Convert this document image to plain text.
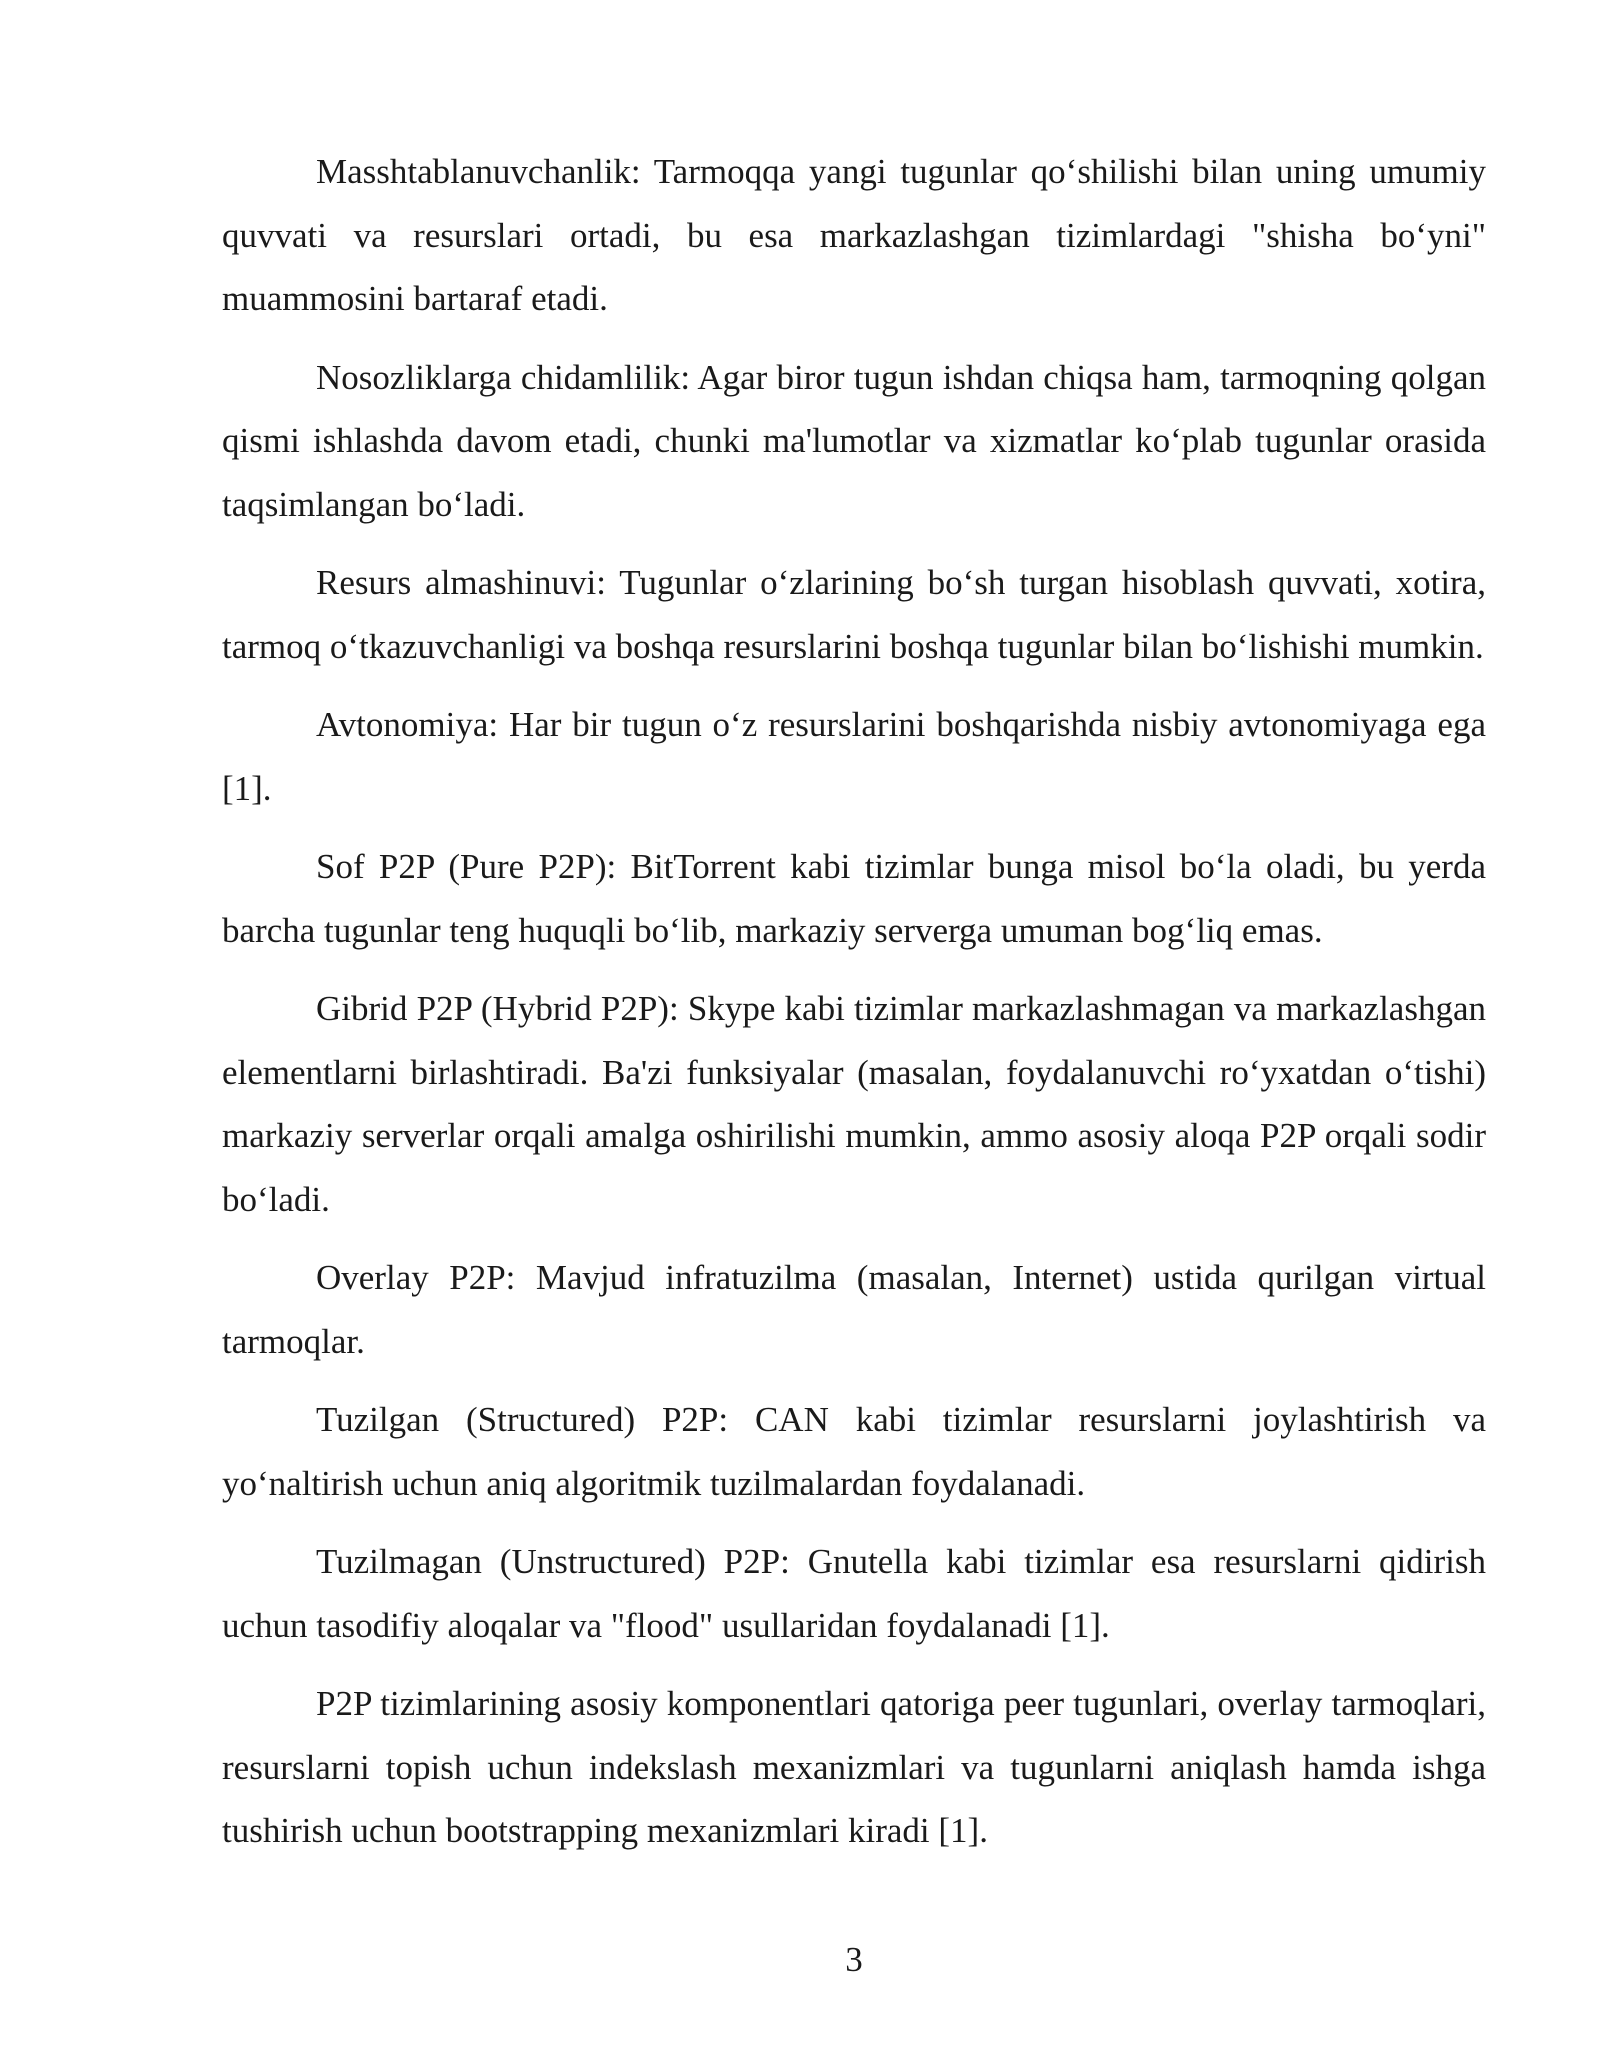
Masshtablanuvchanlik: Tarmoqqa yangi tugunlar qo‘shilishi bilan uning umumiy quvvati va resurslari ortadi, bu esa markazlashgan tizimlardagi "shisha bo‘yni" muammosini bartaraf etadi.

Nosozliklarga chidamlilik: Agar biror tugun ishdan chiqsa ham, tarmoqning qolgan qismi ishlashda davom etadi, chunki ma'lumotlar va xizmatlar ko‘plab tugunlar orasida taqsimlangan bo‘ladi.

Resurs almashinuvi: Tugunlar o‘zlarining bo‘sh turgan hisoblash quvvati, xotira, tarmoq o‘tkazuvchanligi va boshqa resurslarini boshqa tugunlar bilan bo‘lishishi mumkin.

Avtonomiya: Har bir tugun o‘z resurslarini boshqarishda nisbiy avtonomiyaga ega [1].

Sof P2P (Pure P2P): BitTorrent kabi tizimlar bunga misol bo‘la oladi, bu yerda barcha tugunlar teng huquqli bo‘lib, markaziy serverga umuman bog‘liq emas.

Gibrid P2P (Hybrid P2P): Skype kabi tizimlar markazlashmagan va markazlashgan elementlarni birlashtiradi. Ba'zi funksiyalar (masalan, foydalanuvchi ro‘yxatdan o‘tishi) markaziy serverlar orqali amalga oshirilishi mumkin, ammo asosiy aloqa P2P orqali sodir bo‘ladi.

Overlay P2P: Mavjud infratuzilma (masalan, Internet) ustida qurilgan virtual tarmoqlar.

Tuzilgan (Structured) P2P: CAN kabi tizimlar resurslarni joylashtirish va yo‘naltirish uchun aniq algoritmik tuzilmalardan foydalanadi.

Tuzilmagan (Unstructured) P2P: Gnutella kabi tizimlar esa resurslarni qidirish uchun tasodifiy aloqalar va "flood" usullaridan foydalanadi [1].

P2P tizimlarining asosiy komponentlari qatoriga peer tugunlari, overlay tarmoqlari, resurslarni topish uchun indekslash mexanizmlari va tugunlarni aniqlash hamda ishga tushirish uchun bootstrapping mexanizmlari kiradi [1].

3
